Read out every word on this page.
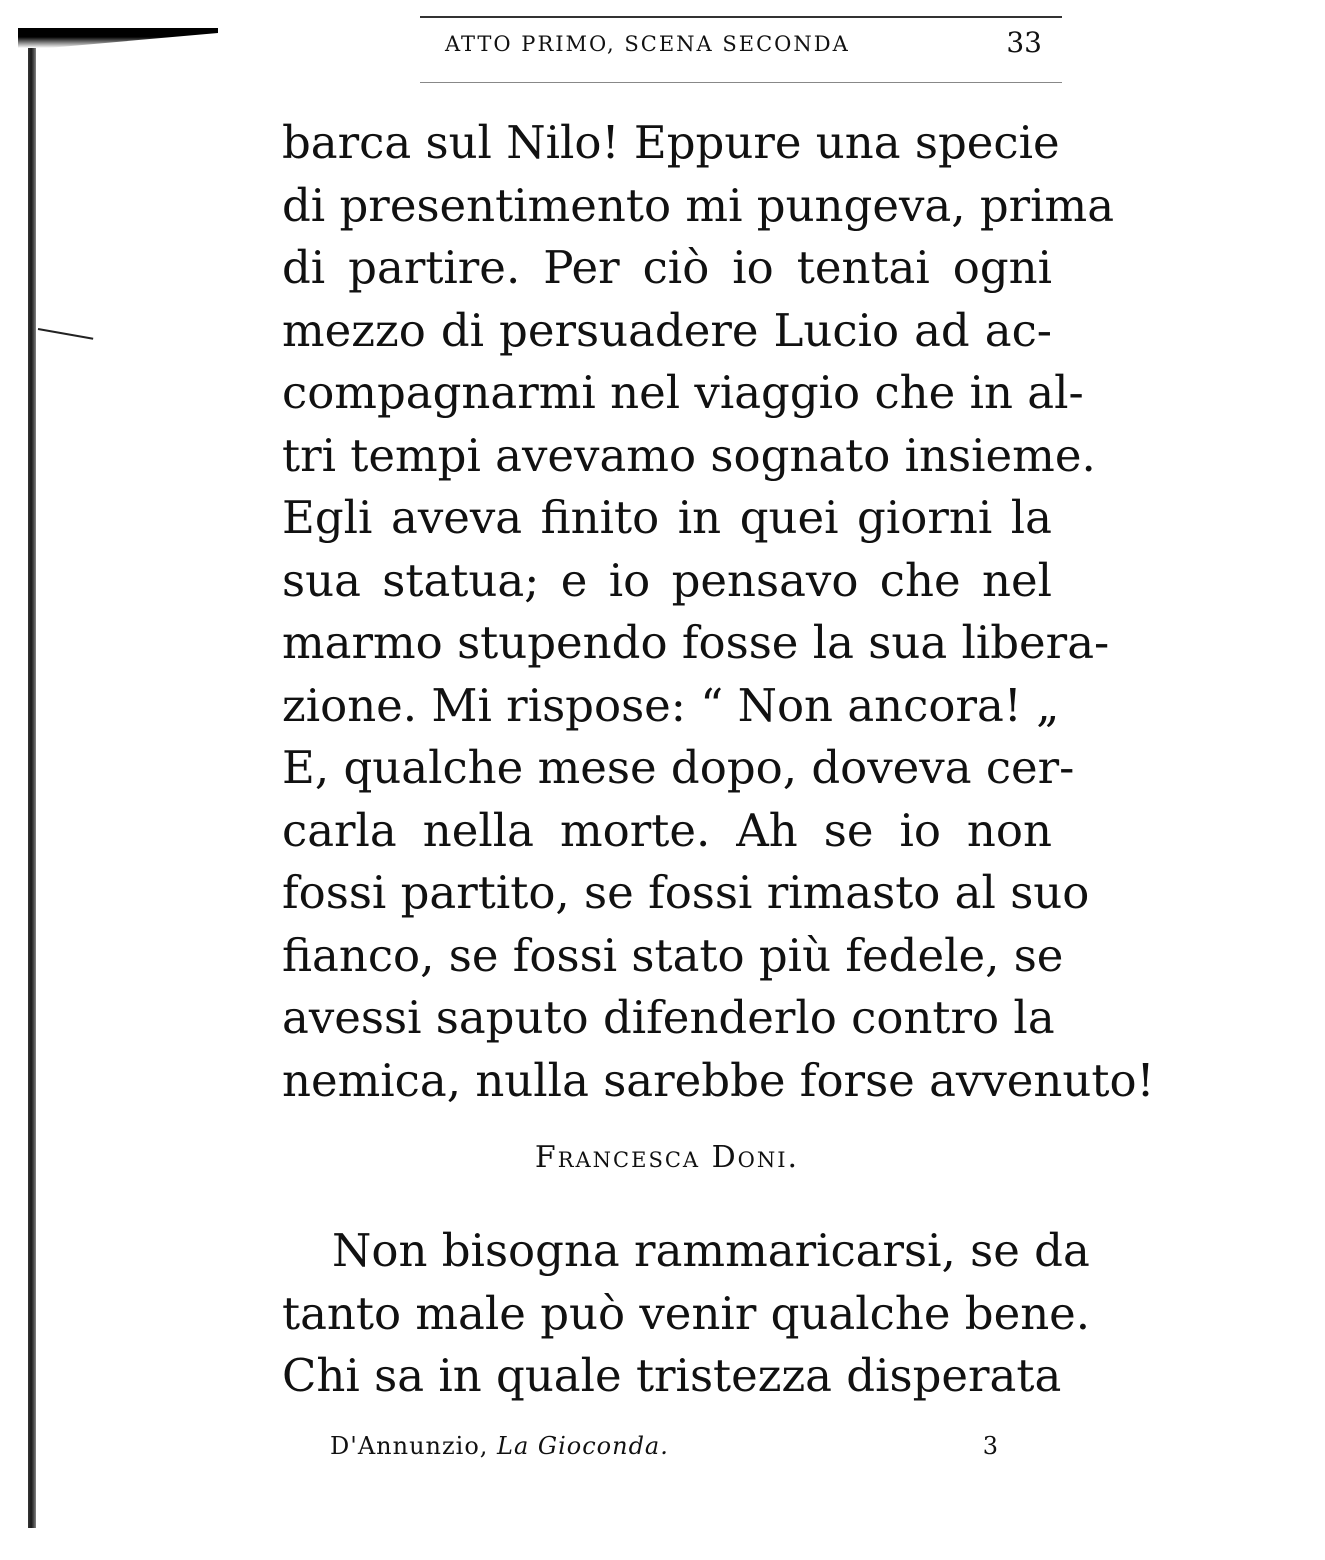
ATTO PRIMO, SCENA SECONDA	33
barca sul Nilo! Eppure una specie
di presentimento mi pungeva, prima
di partire. Per ciò io tentai ogni
mezzo di persuadere Lucio ad ac-
compagnarmi nel viaggio che in al-
tri tempi avevamo sognato insieme.
Egli aveva finito in quei giorni la
sua statua; e io pensavo che nel
marmo stupendo fosse la sua libera-
zione. Mi rispose: “ Non ancora! „
E, qualche mese dopo, doveva cer-
carla nella morte. Ah se io non
fossi partito, se fossi rimasto al suo
fianco, se fossi stato più fedele, se
avessi saputo difenderlo contro la
nemica, nulla sarebbe forse avvenuto!
Francesca Doni.
Non bisogna rammaricarsi, se da
tanto male può venir qualche bene.
Chi sa in quale tristezza disperata
D'Annunzio, La Gioconda.	3
